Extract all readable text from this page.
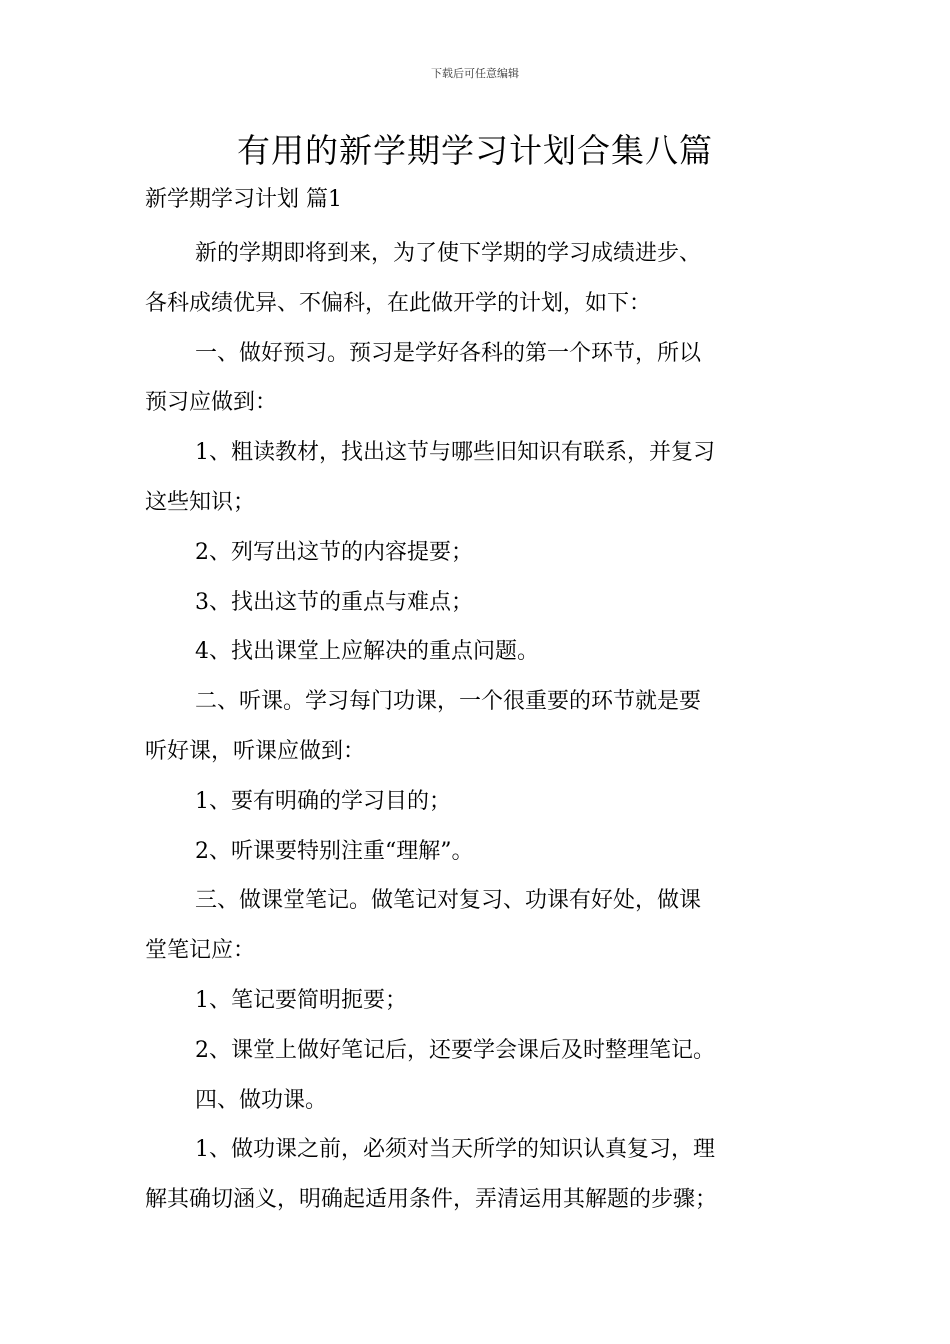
下载后可任意编辑
有用的新学期学习计划合集八篇
新学期学习计划 篇1

新的学期即将到来，为了使下学期的学习成绩进步、
各科成绩优异、不偏科，在此做开学的计划，如下：

一、做好预习。预习是学好各科的第一个环节，所以
预习应做到：

1、粗读教材，找出这节与哪些旧知识有联系，并复习
这些知识；

2、列写出这节的内容提要；

3、找出这节的重点与难点；

4、找出课堂上应解决的重点问题。

二、听课。学习每门功课，一个很重要的环节就是要
听好课，听课应做到：

1、要有明确的学习目的；

2、听课要特别注重“理解”。

三、做课堂笔记。做笔记对复习、功课有好处，做课
堂笔记应：

1、笔记要简明扼要；

2、课堂上做好笔记后，还要学会课后及时整理笔记。

四、做功课。

1、做功课之前，必须对当天所学的知识认真复习，理
解其确切涵义，明确起适用条件，弄清运用其解题的步骤；
